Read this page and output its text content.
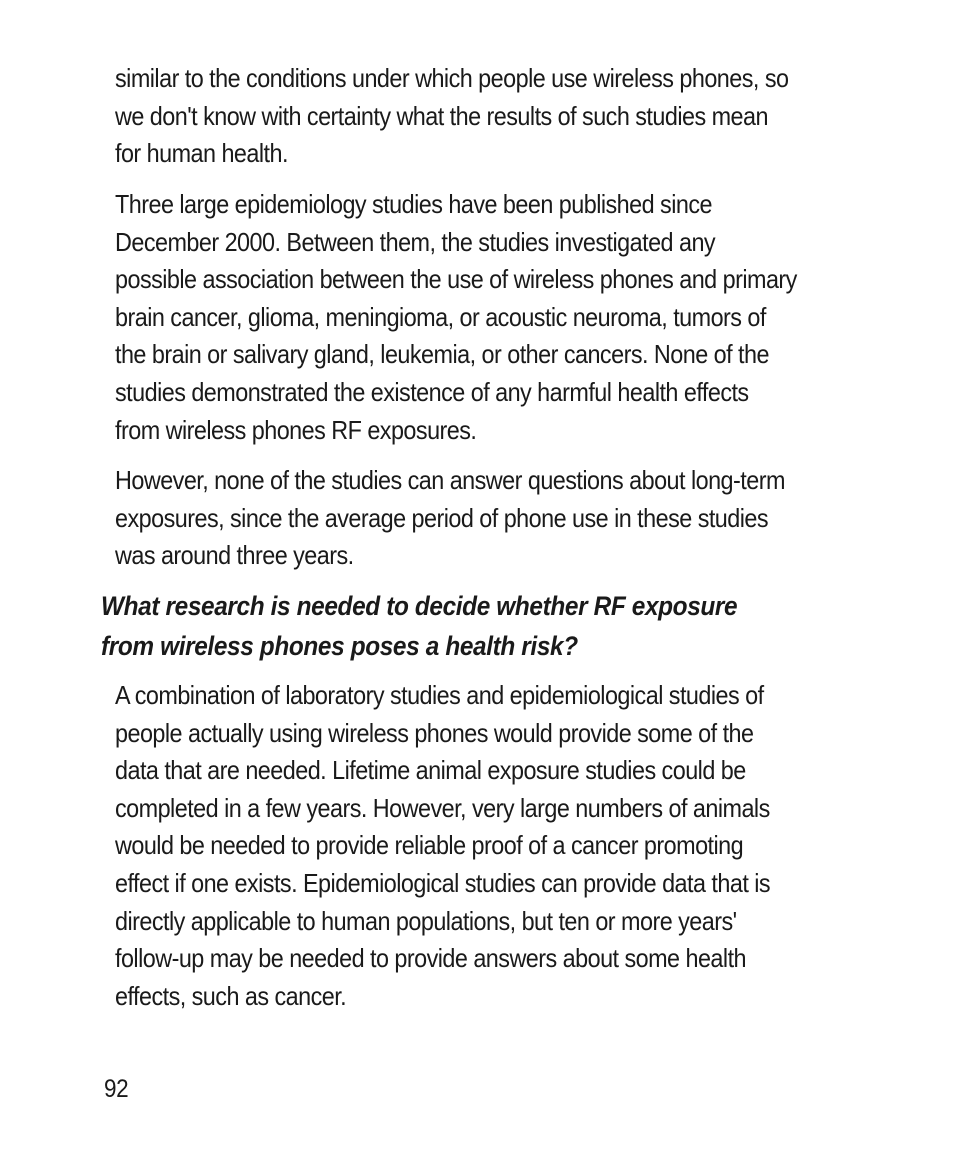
similar to the conditions under which people use wireless phones, so
we don't know with certainty what the results of such studies mean
for human health.

Three large epidemiology studies have been published since
December 2000. Between them, the studies investigated any
possible association between the use of wireless phones and primary
brain cancer, glioma, meningioma, or acoustic neuroma, tumors of
the brain or salivary gland, leukemia, or other cancers. None of the
studies demonstrated the existence of any harmful health effects
from wireless phones RF exposures.

However, none of the studies can answer questions about long-term
exposures, since the average period of phone use in these studies
was around three years.

What research is needed to decide whether RF exposure
from wireless phones poses a health risk?

A combination of laboratory studies and epidemiological studies of
people actually using wireless phones would provide some of the
data that are needed. Lifetime animal exposure studies could be
completed in a few years. However, very large numbers of animals
would be needed to provide reliable proof of a cancer promoting
effect if one exists. Epidemiological studies can provide data that is
directly applicable to human populations, but ten or more years'
follow-up may be needed to provide answers about some health
effects, such as cancer.

92
